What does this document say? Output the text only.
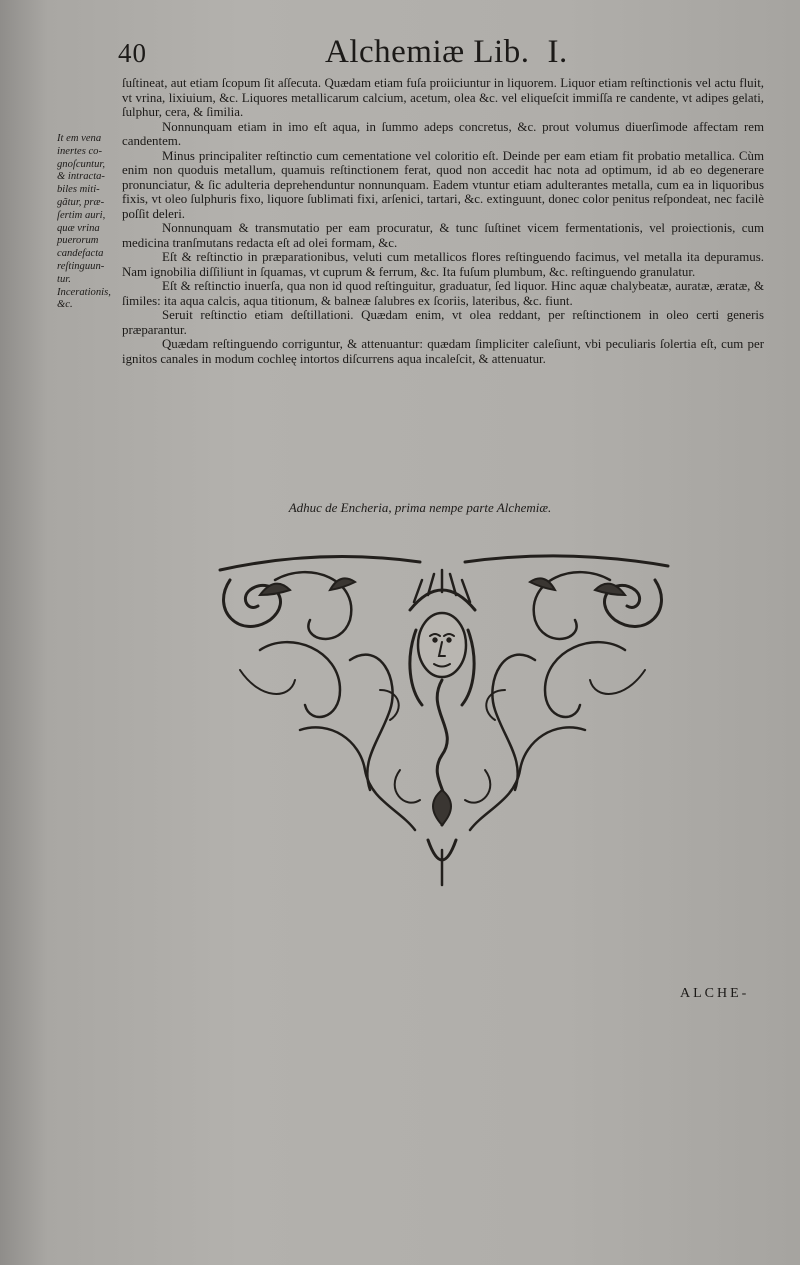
40	Alchemiæ Lib. I.
It em vena
inertes co-
gnoſcuntur,
& intracta-
biles miti-
gãtur, præ-
ſertim auri,
quæ vrina
puerorum
candefacta
reſtinguun-
tur.
Incerationis,
&c.

ſuſtineat, aut etiam ſcopum ſit aſſecuta. Quædam etiam fuſa proiiciuntur in liquorem. Liquor etiam reſtinctionis vel actu fluit, vt vrina, lixiuium, &c. Liquores metallicarum calcium, acetum, olea &c. vel eliqueſcit immiſſa re candente, vt adipes gelati, ſulphur, cera, & ſimilia.

Nonnunquam etiam in imo eſt aqua, in ſummo adeps concretus, &c. prout volumus diuerſimode affectam rem candentem.

Minus principaliter reſtinctio cum cementatione vel coloritio eſt. Deinde per eam etiam fit probatio metallica. Cùm enim non quoduis metallum, quamuis reſtinctionem ferat, quod non accedit hac nota ad optimum, id ab eo degenerare pronunciatur, & ſic adulteria deprehenduntur nonnunquam. Eadem vtuntur etiam adulterantes metalla, cum ea in liquoribus fixis, vt oleo ſulphuris fixo, liquore ſublimati fixi, arſenici, tartari, &c. extinguunt, donec color penitus reſpondeat, nec facilè poſſit deleri.

Nonnunquam & transmutatio per eam procuratur, & tunc ſuſtinet vicem fermentationis, vel proiectionis, cum medicina tranſmutans redacta eſt ad olei formam, &c.

Eſt & reſtinctio in præparationibus, veluti cum metallicos flores reſtinguendo facimus, vel metalla ita depuramus. Nam ignobilia diſſiliunt in ſquamas, vt cuprum & ferrum, &c. Ita fuſum plumbum, &c. reſtinguendo granulatur.

Eſt & reſtinctio inuerſa, qua non id quod reſtinguitur, graduatur, ſed liquor. Hinc aquæ chalybeatæ, auratæ, æratæ, & ſimiles: ita aqua calcis, aqua titionum, & balneæ ſalubres ex ſcoriis, lateribus, &c. fiunt.

Seruit reſtinctio etiam deſtillationi. Quædam enim, vt olea reddant, per reſtinctionem in oleo certi generis præparantur.

Quædam reſtinguendo corriguntur, & attenuantur: quædam ſimpliciter caleſiunt, vbi peculiaris ſolertia eſt, cum per ignitos canales in modum cochleę intortos diſcurrens aqua incaleſcit, & attenuatur.

Adhuc de Encheria, prima nempe parte Alchemiæ.
ALCHE-
